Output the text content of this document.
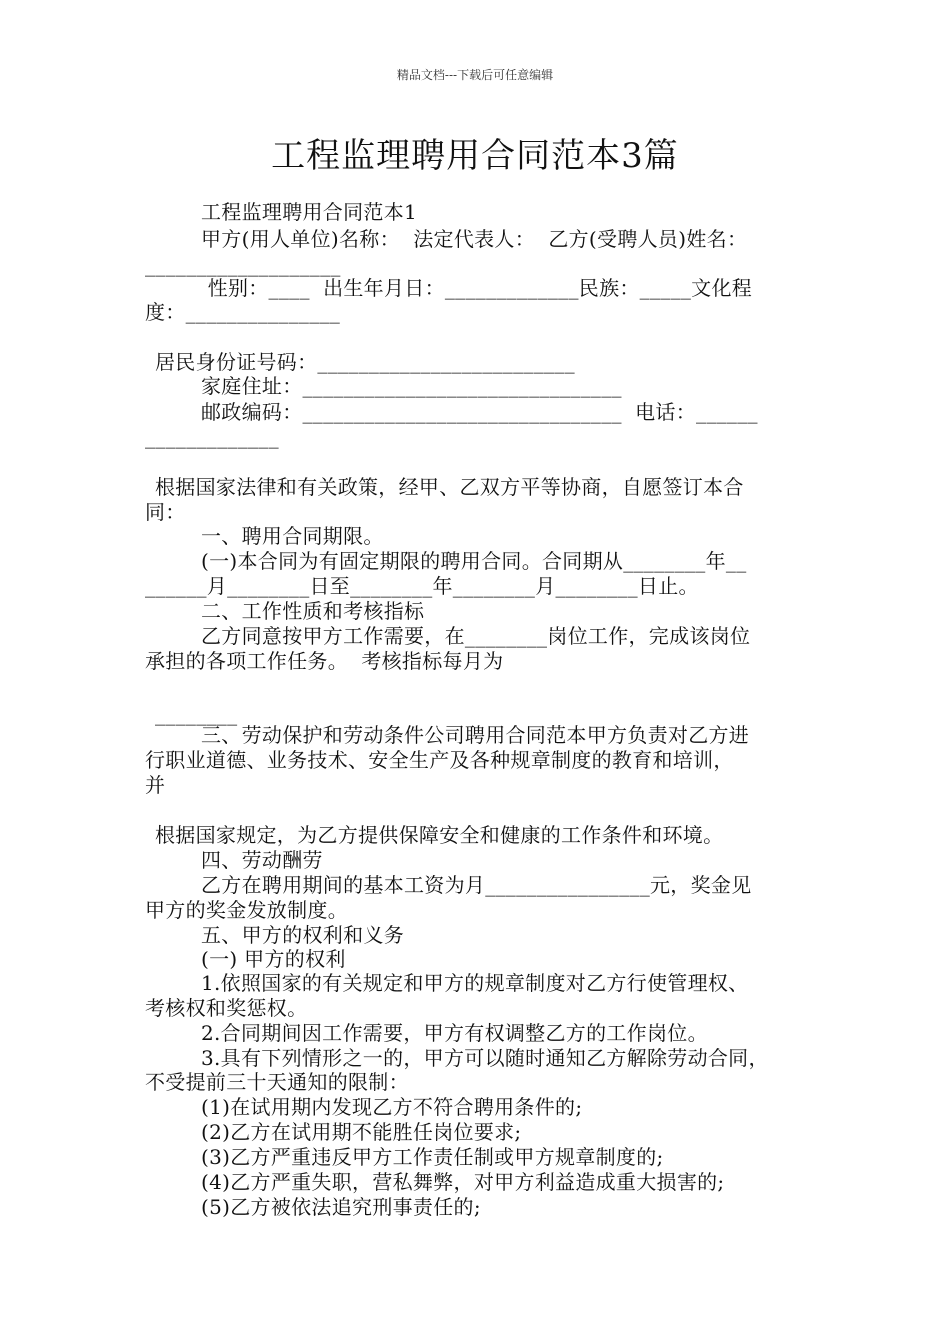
精品文档---下载后可任意编辑
工程监理聘用合同范本3篇
工程监理聘用合同范本1
甲方(用人单位)名称：  法定代表人：  乙方(受聘人员)姓名：
___________________
性别：____  出生年月日：_____________民族：_____文化程
度：_______________
居民身份证号码：_________________________
家庭住址：_______________________________
邮政编码：_______________________________  电话：______
_____________
根据国家法律和有关政策，经甲、乙双方平等协商，自愿签订本合
同：
一、聘用合同期限。
(一)本合同为有固定期限的聘用合同。合同期从________年__
______月________日至________年________月________日止。
二、工作性质和考核指标
乙方同意按甲方工作需要，在________岗位工作，完成该岗位
承担的各项工作任务。  考核指标每月为
________
三、劳动保护和劳动条件公司聘用合同范本甲方负责对乙方进
行职业道德、业务技术、安全生产及各种规章制度的教育和培训，
并
根据国家规定，为乙方提供保障安全和健康的工作条件和环境。
四、劳动酬劳
乙方在聘用期间的基本工资为月________________元，奖金见
甲方的奖金发放制度。
五、甲方的权利和义务
(一) 甲方的权利
1.依照国家的有关规定和甲方的规章制度对乙方行使管理权、
考核权和奖惩权。
2.合同期间因工作需要，甲方有权调整乙方的工作岗位。
3.具有下列情形之一的，甲方可以随时通知乙方解除劳动合同，
不受提前三十天通知的限制：
(1)在试用期内发现乙方不符合聘用条件的;
(2)乙方在试用期不能胜任岗位要求;
(3)乙方严重违反甲方工作责任制或甲方规章制度的;
(4)乙方严重失职，营私舞弊，对甲方利益造成重大损害的;
(5)乙方被依法追究刑事责任的;
